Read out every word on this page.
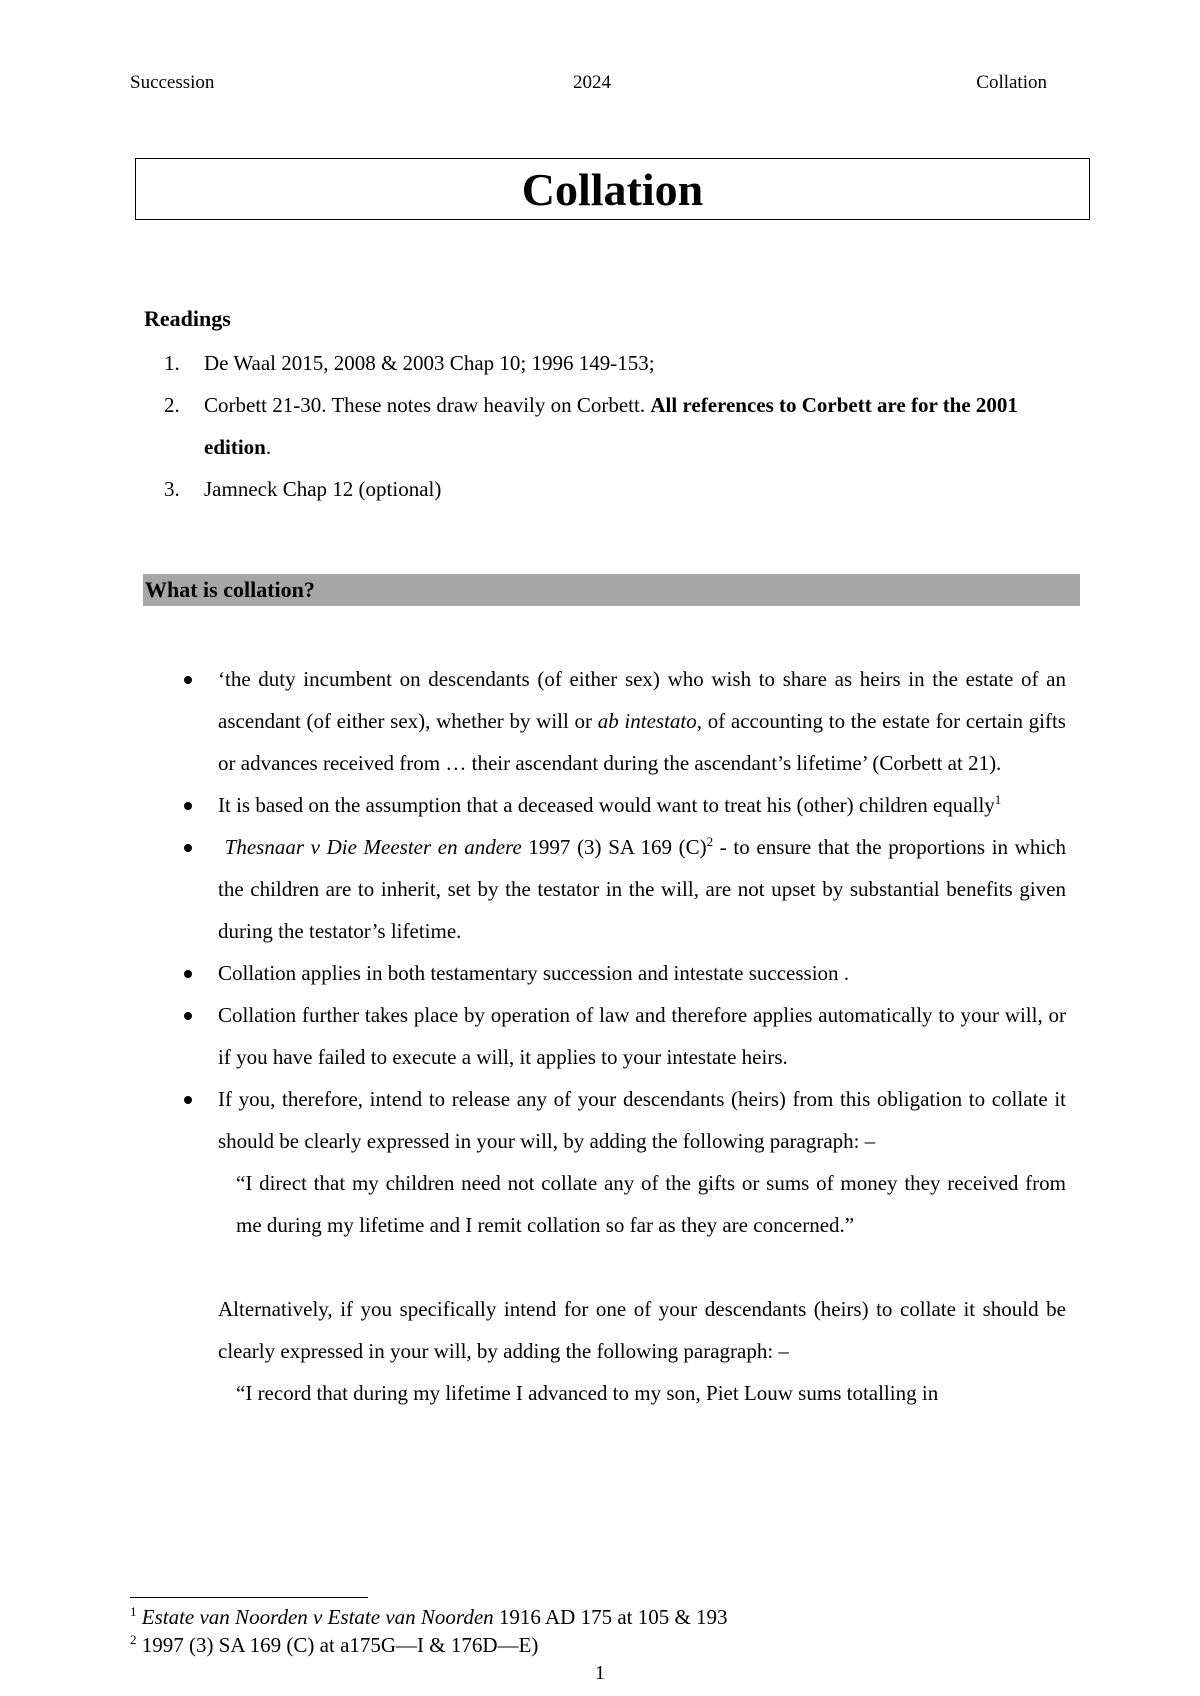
Succession	2024	Collation
Collation
Readings
1. De Waal 2015, 2008 & 2003 Chap 10; 1996 149-153;
2. Corbett 21-30. These notes draw heavily on Corbett. All references to Corbett are for the 2001 edition.
3. Jamneck Chap 12 (optional)
What is collation?
‘the duty incumbent on descendants (of either sex) who wish to share as heirs in the estate of an ascendant (of either sex), whether by will or ab intestato, of accounting to the estate for certain gifts or advances received from … their ascendant during the ascendant’s lifetime’ (Corbett at 21).
It is based on the assumption that a deceased would want to treat his (other) children equally$^1$
Thesnaar v Die Meester en andere 1997 (3) SA 169 $(C)^2$ - to ensure that the proportions in which the children are to inherit, set by the testator in the will, are not upset by substantial benefits given during the testator’s lifetime.
Collation applies in both testamentary succession and intestate succession .
Collation further takes place by operation of law and therefore applies automatically to your will, or if you have failed to execute a will, it applies to your intestate heirs.
If you, therefore, intend to release any of your descendants (heirs) from this obligation to collate it should be clearly expressed in your will, by adding the following paragraph: –
“I direct that my children need not collate any of the gifts or sums of money they received from me during my lifetime and I remit collation so far as they are concerned.”
Alternatively, if you specifically intend for one of your descendants (heirs) to collate it should be clearly expressed in your will, by adding the following paragraph: –
“I record that during my lifetime I advanced to my son, Piet Louw sums totalling in
$^1$ Estate van Noorden v Estate van Noorden 1916 AD 175 at 105 & 193
$^2$ 1997 (3) SA 169 (C) at a175G—I & 176D—E)
1
